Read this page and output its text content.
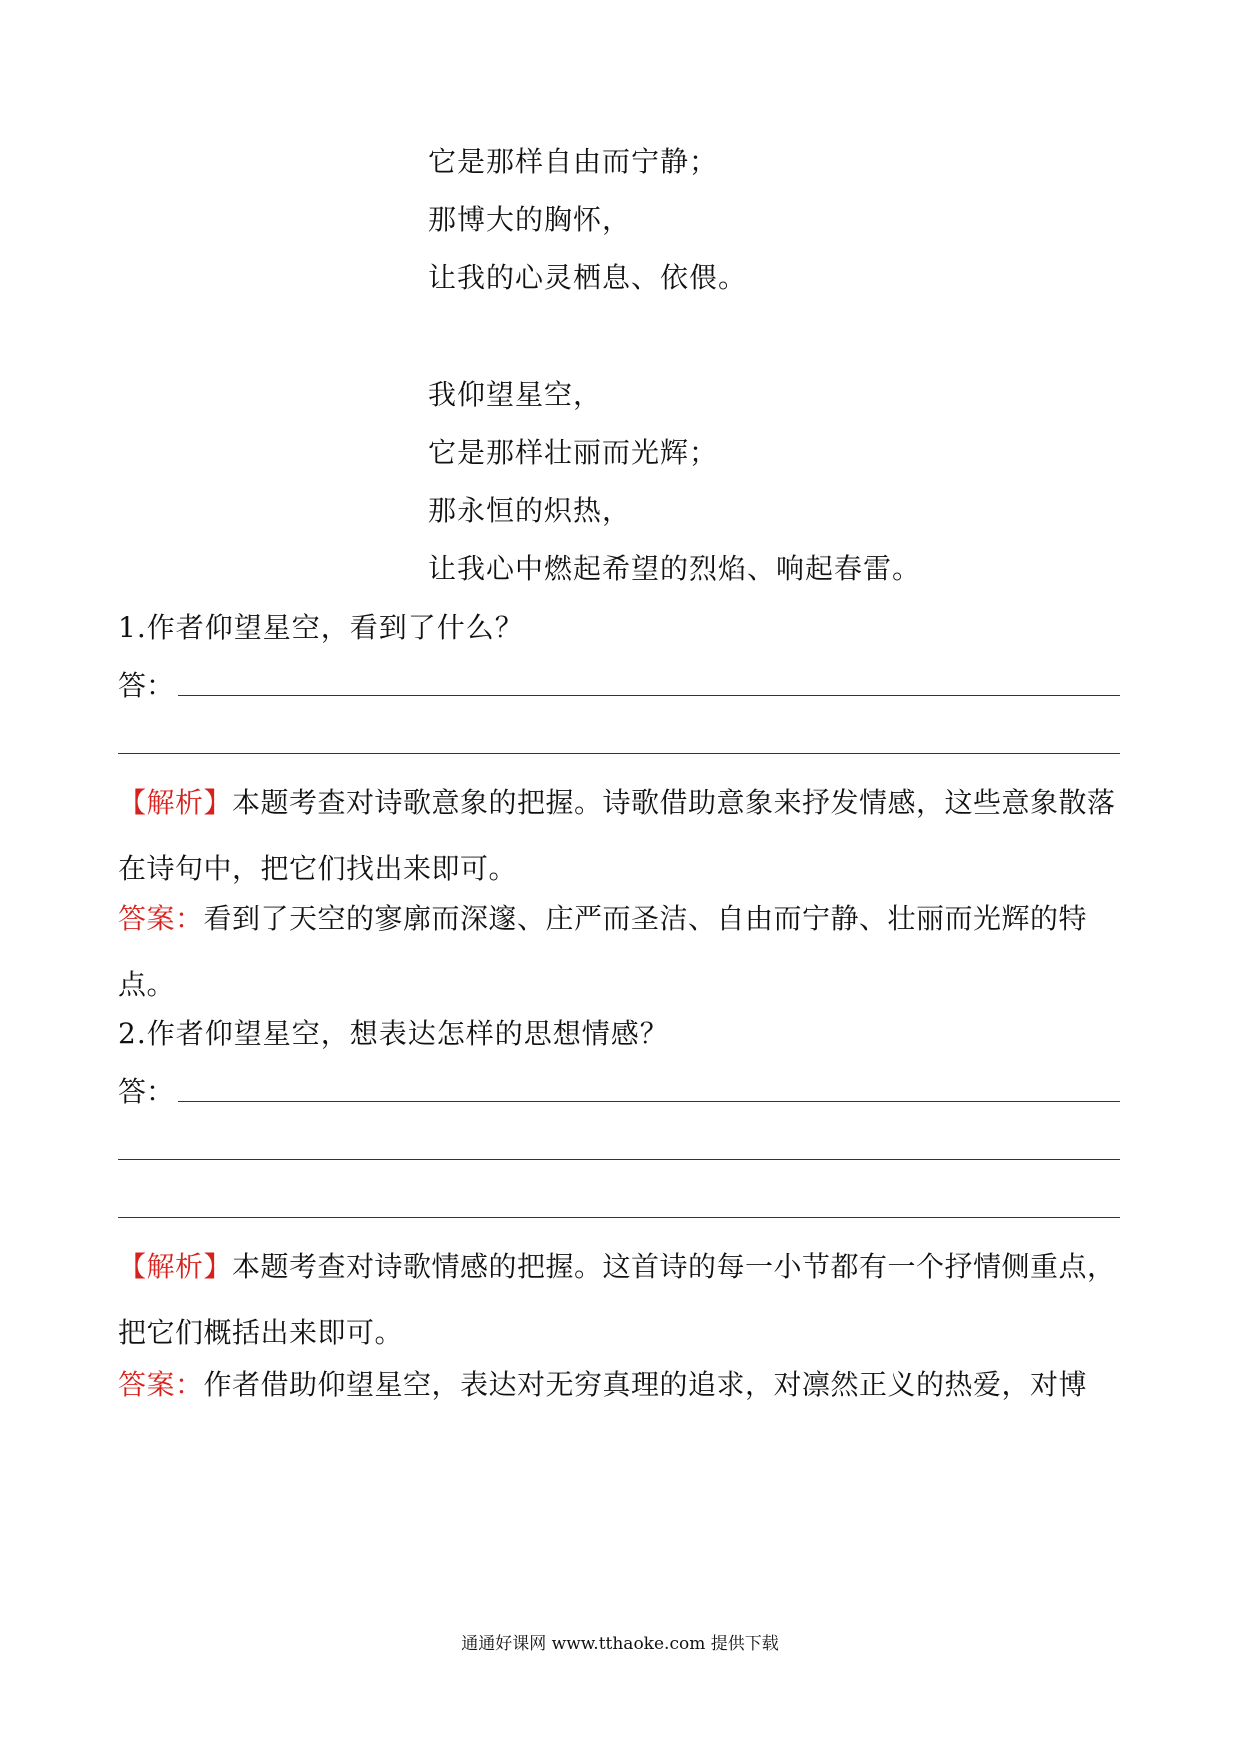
它是那样自由而宁静；
那博大的胸怀，
让我的心灵栖息、依偎。
我仰望星空，
它是那样壮丽而光辉；
那永恒的炽热，
让我心中燃起希望的烈焰、响起春雷。
1.作者仰望星空，看到了什么？
答：
【解析】本题考查对诗歌意象的把握。诗歌借助意象来抒发情感，这些意象散落在诗句中，把它们找出来即可。
答案：看到了天空的寥廓而深邃、庄严而圣洁、自由而宁静、壮丽而光辉的特点。
2.作者仰望星空，想表达怎样的思想情感？
答：
【解析】本题考查对诗歌情感的把握。这首诗的每一小节都有一个抒情侧重点，把它们概括出来即可。
答案：作者借助仰望星空，表达对无穷真理的追求，对凛然正义的热爱，对博
通通好课网 www.tthaoke.com 提供下载
